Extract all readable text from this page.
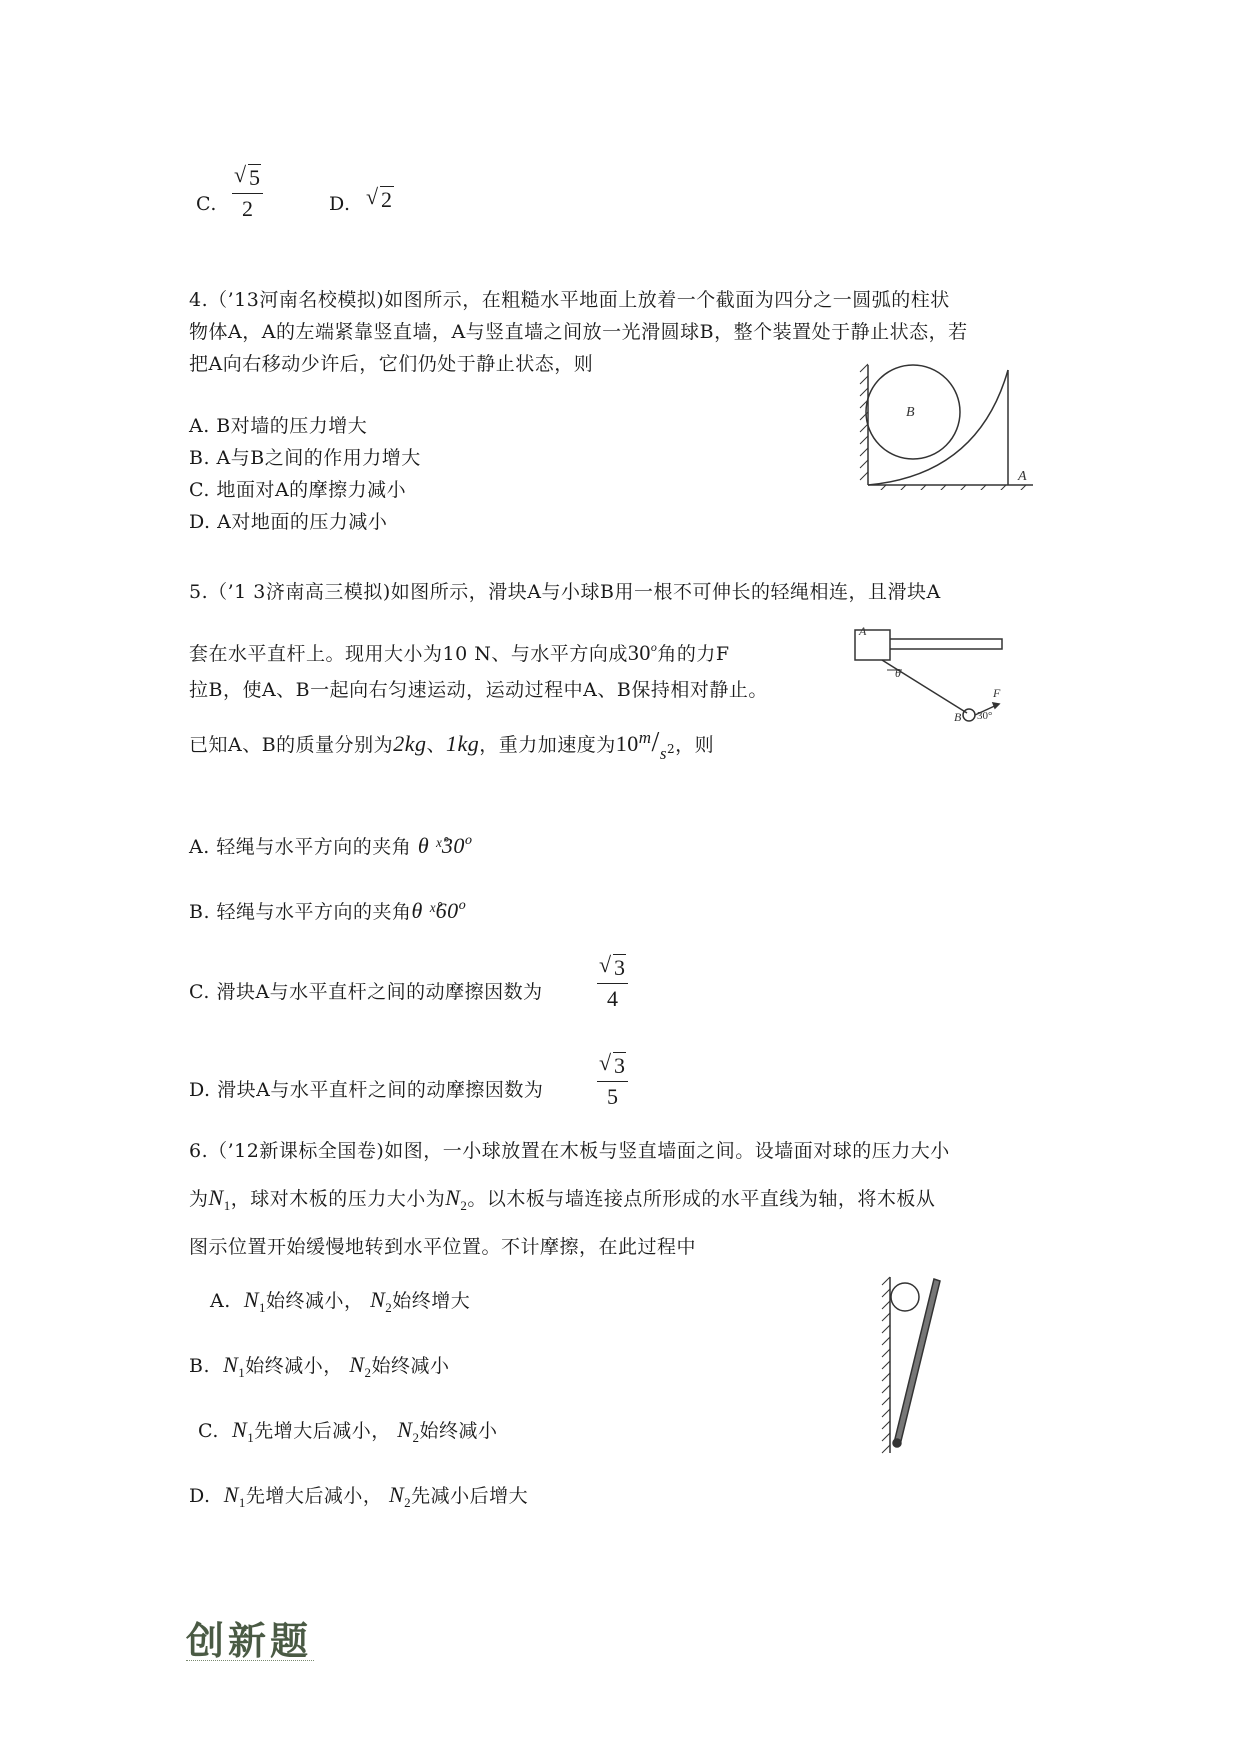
C. √ $\frac{5}{2}$	D.	√ 2
4.（’13河南名校模拟)如图所示，在粗糙水平地面上放着一个截面为四分之一圆弧的柱状
物体A，A的左端紧靠竖直墙，A与竖直墙之间放一光滑圆球B，整个装置处于静止状态，若
把A向右移动少许后，它们仍处于静止状态，则
A. B对墙的压力增大
B. A与B之间的作用力增大
C. 地面对A的摩擦力减小
D. A对地面的压力减小
B
A
5.（’1 3济南高三模拟)如图所示，滑块A与小球B用一根不可伸长的轻绳相连，且滑块A
套在水平直杆上。现用大小为10 N、与水平方向成30$^o$角的力F
拉B，使A、B一起向右匀速运动，运动过程中A、B保持相对静止。
已知A、B的质量分别为2kg、1kg，重力加速度为$10m/s^2$，则
A
θ
F
B 30°
A. 轻绳与水平方向的夹角 θ ˣ̊30$^o$
B. 轻绳与水平方向的夹角θ ˣ̊60$^o$
C. 滑块A与水平直杆之间的动摩擦因数为 √ $\frac{3}{4}$
D. 滑块A与水平直杆之间的动摩擦因数为 √ $\frac{3}{5}$
6.（’12新课标全国卷)如图，一小球放置在木板与竖直墙面之间。设墙面对球的压力大小
为$N_1$，球对木板的压力大小为$N_2$。以木板与墙连接点所形成的水平直线为轴，将木板从
图示位置开始缓慢地转到水平位置。不计摩擦，在此过程中
A. $N_1$始终减小， $N_2$始终增大
B. $N_1$始终减小， $N_2$始终减小
C. $N_1$先增大后减小， $N_2$始终减小
D. $N_1$先增大后减小， $N_2$先减小后增大
创新题
